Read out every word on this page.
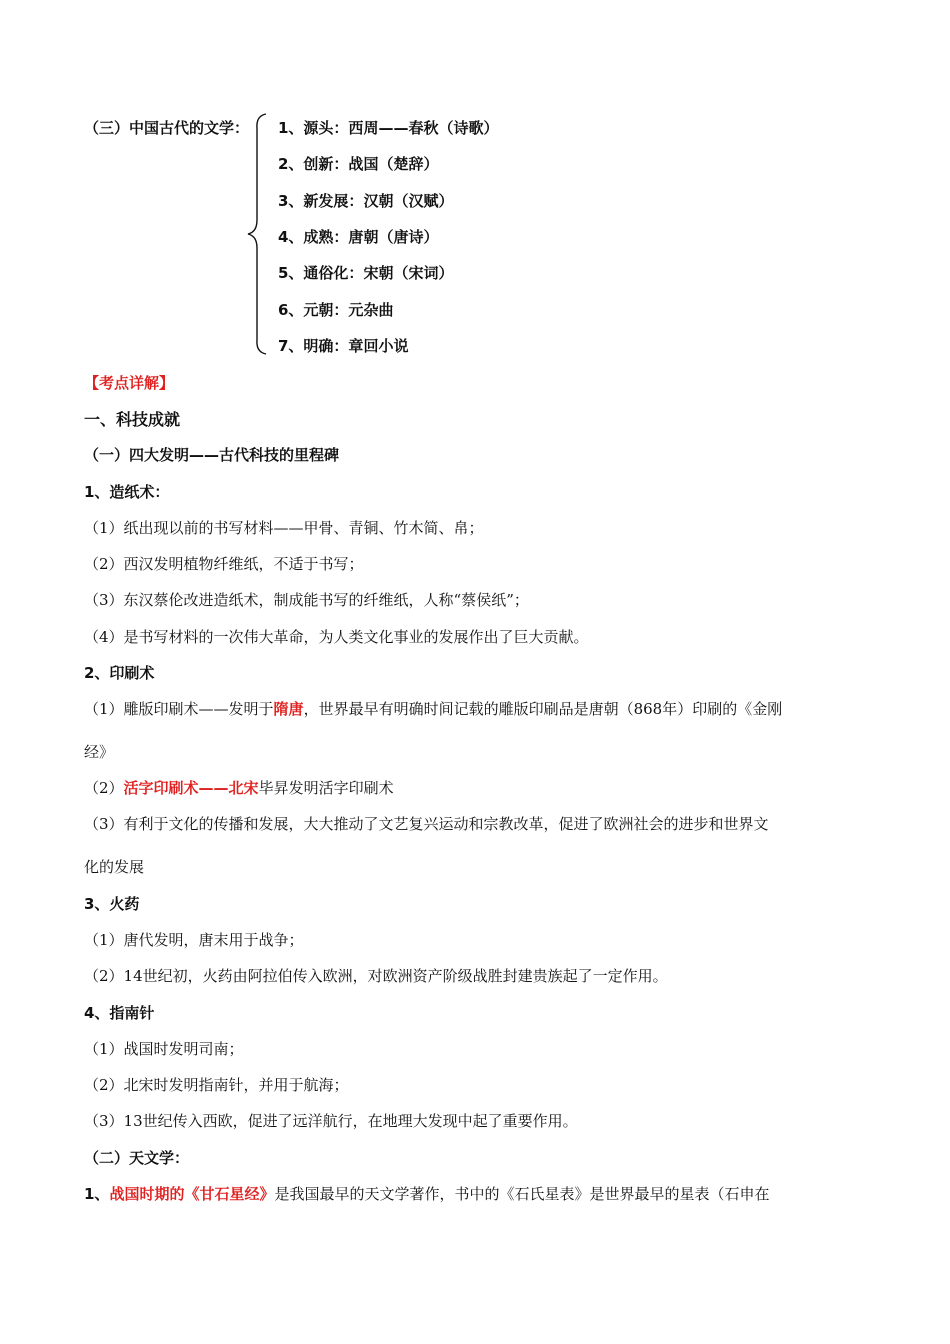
（三）中国古代的文学： 1、源头：西周——春秋（诗歌）
2、创新：战国（楚辞）
3、新发展：汉朝（汉赋）
4、成熟：唐朝（唐诗）
5、通俗化：宋朝（宋词）
6、元朝：元杂曲
7、明确：章回小说
【考点详解】
一、科技成就
（一）四大发明——古代科技的里程碑
1、造纸术：
（1）纸出现以前的书写材料——甲骨、青铜、竹木简、帛；
（2）西汉发明植物纤维纸，不适于书写；
（3）东汉蔡伦改进造纸术，制成能书写的纤维纸，人称“蔡侯纸”；
（4）是书写材料的一次伟大革命，为人类文化事业的发展作出了巨大贡献。
2、印刷术
（1）雕版印刷术——发明于隋唐，世界最早有明确时间记载的雕版印刷品是唐朝（868年）印刷的《金刚
经》
（2）活字印刷术——北宋毕昇发明活字印刷术
（3）有利于文化的传播和发展，大大推动了文艺复兴运动和宗教改革，促进了欧洲社会的进步和世界文
化的发展
3、火药
（1）唐代发明，唐末用于战争；
（2）14世纪初，火药由阿拉伯传入欧洲，对欧洲资产阶级战胜封建贵族起了一定作用。
4、指南针
（1）战国时发明司南；
（2）北宋时发明指南针，并用于航海；
（3）13世纪传入西欧，促进了远洋航行，在地理大发现中起了重要作用。
（二）天文学：
1、战国时期的《甘石星经》是我国最早的天文学著作，书中的《石氏星表》是世界最早的星表（石申在
